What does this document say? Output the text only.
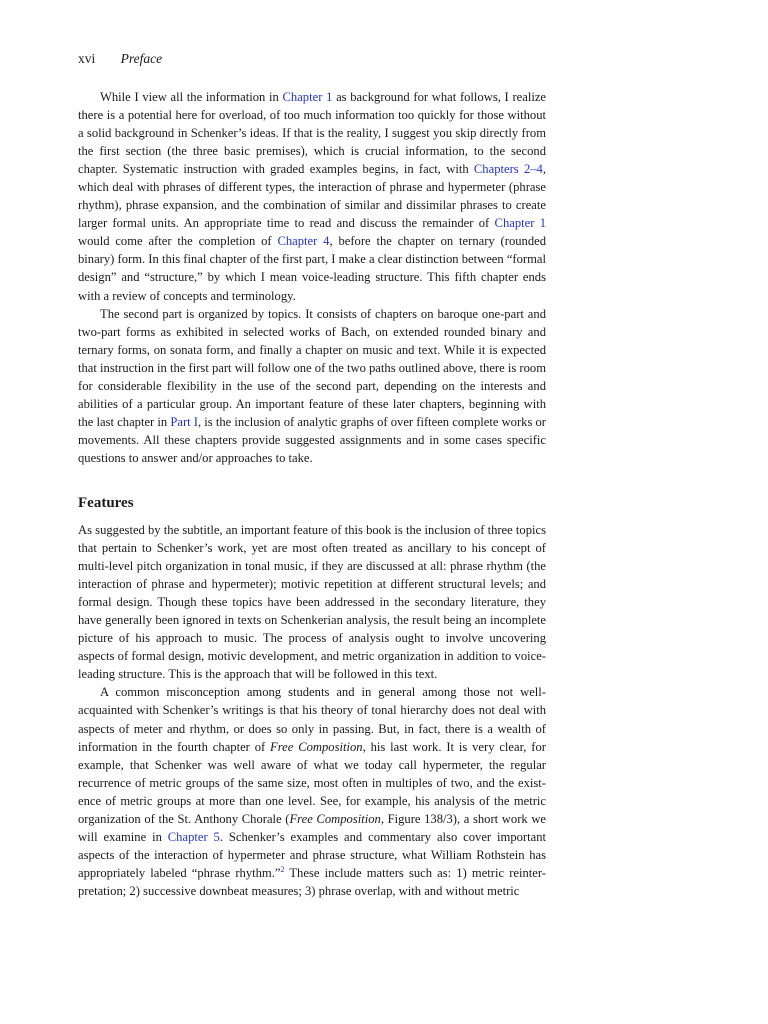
xvi Preface

While I view all the information in Chapter 1 as background for what follows, I realize there is a potential here for overload, of too much information too quickly for those without a solid background in Schenker’s ideas. If that is the reality, I suggest you skip directly from the first section (the three basic premises), which is crucial information, to the second chapter. Systematic instruction with graded examples begins, in fact, with Chapters 2–4, which deal with phrases of different types, the interaction of phrase and hypermeter (phrase rhythm), phrase expansion, and the combination of similar and dissimilar phrases to create larger formal units. An appropriate time to read and discuss the remainder of Chapter 1 would come after the completion of Chapter 4, before the chapter on ternary (rounded binary) form. In this final chapter of the first part, I make a clear distinction between “formal design” and “structure,” by which I mean voice-leading structure. This fifth chapter ends with a review of concepts and terminology.

The second part is organized by topics. It consists of chapters on baroque one-part and two-part forms as exhibited in selected works of Bach, on extended rounded binary and ternary forms, on sonata form, and finally a chapter on music and text. While it is expected that instruction in the first part will follow one of the two paths outlined above, there is room for considerable flexibility in the use of the second part, depending on the interests and abilities of a particular group. An important feature of these later chapters, beginning with the last chapter in Part I, is the inclusion of analytic graphs of over fifteen complete works or movements. All these chapters provide suggested assignments and in some cases specific questions to answer and/or approaches to take.

Features

As suggested by the subtitle, an important feature of this book is the inclusion of three topics that pertain to Schenker’s work, yet are most often treated as ancillary to his concept of multi-level pitch organization in tonal music, if they are discussed at all: phrase rhythm (the interaction of phrase and hypermeter); motivic repetition at different structural levels; and formal design. Though these topics have been addressed in the secondary literature, they have generally been ignored in texts on Schenkerian analysis, the result being an incomplete picture of his approach to music. The process of analysis ought to involve uncovering aspects of formal design, motivic development, and metric organization in addition to voice-leading structure. This is the approach that will be followed in this text.

A common misconception among students and in general among those not well-acquainted with Schenker’s writings is that his theory of tonal hierarchy does not deal with aspects of meter and rhythm, or does so only in passing. But, in fact, there is a wealth of information in the fourth chapter of Free Composition, his last work. It is very clear, for example, that Schenker was well aware of what we today call hypermeter, the regular recurrence of metric groups of the same size, most often in multiples of two, and the exist-ence of metric groups at more than one level. See, for example, his analysis of the metric organization of the St. Anthony Chorale (Free Composition, Figure 138/3), a short work we will examine in Chapter 5. Schenker’s examples and commentary also cover important aspects of the interaction of hypermeter and phrase structure, what William Rothstein has appropriately labeled “phrase rhythm.”$^2$ These include matters such as: 1) metric reinter-pretation; 2) successive downbeat measures; 3) phrase overlap, with and without metric
